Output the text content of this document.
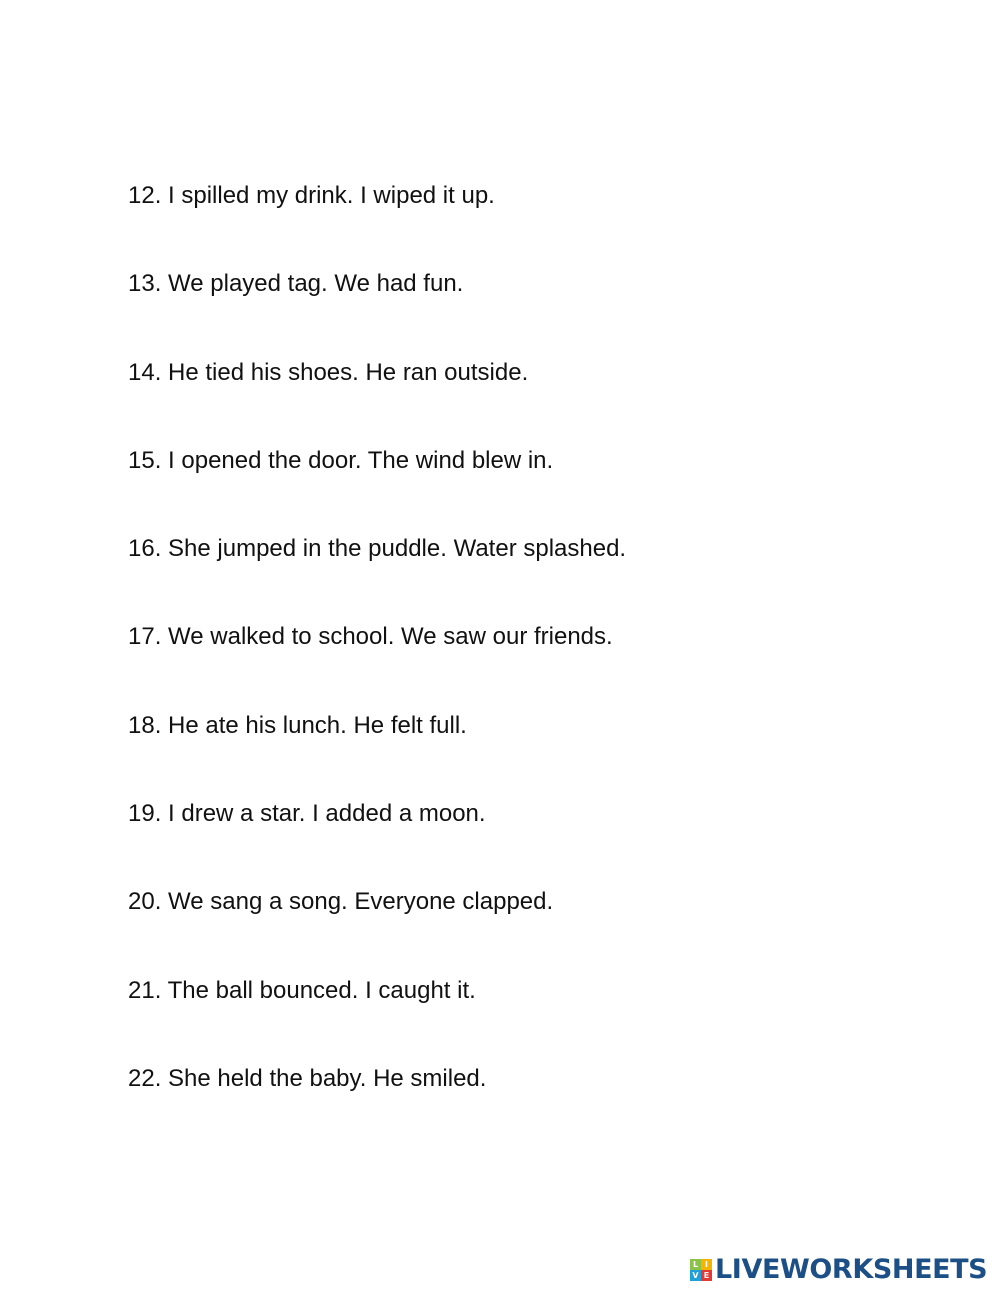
12. I spilled my drink. I wiped it up.
13. We played tag. We had fun.
14. He tied his shoes. He ran outside.
15. I opened the door. The wind blew in.
16. She jumped in the puddle. Water splashed.
17. We walked to school. We saw our friends.
18. He ate his lunch. He felt full.
19. I drew a star. I added a moon.
20. We sang a song. Everyone clapped.
21. The ball bounced. I caught it.
22. She held the baby. He smiled.
L I
V E LIVEWORKSHEETS
